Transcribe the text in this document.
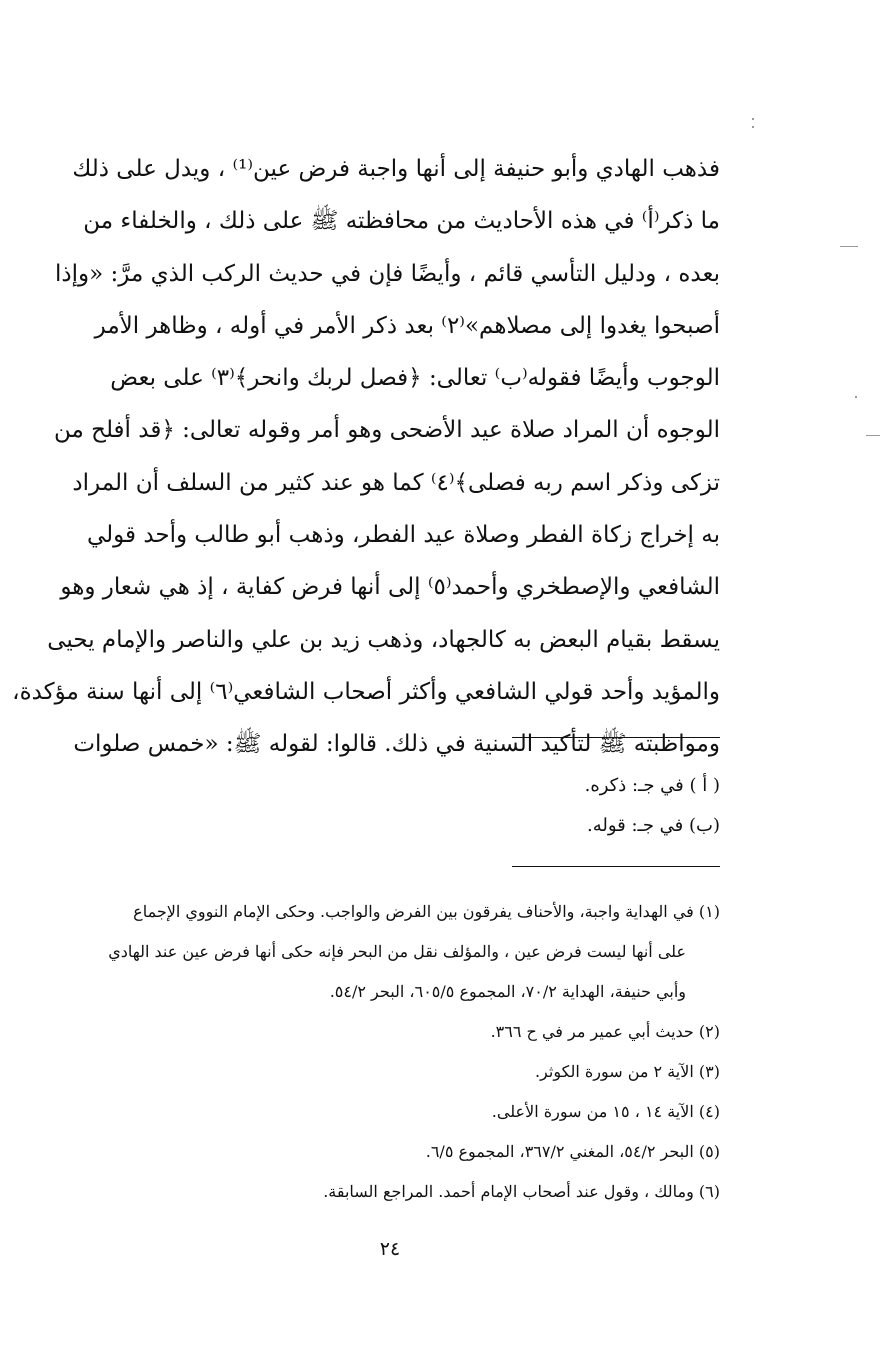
فذهب الهادي وأبو حنيفة إلى أنها واجبة فرض عين⁽¹⁾ ، ويدل على ذلك
ما ذكر⁽أ⁾ في هذه الأحاديث من محافظته ﷺ على ذلك ، والخلفاء من
بعده ، ودليل التأسي قائم ، وأيضًا فإن في حديث الركب الذي مرَّ: «وإذا
أصبحوا يغدوا إلى مصلاهم»⁽٢⁾ بعد ذكر الأمر في أوله ، وظاهر الأمر
الوجوب وأيضًا فقوله⁽ب⁾ تعالى: ﴿فصل لربك وانحر﴾⁽٣⁾ على بعض
الوجوه أن المراد صلاة عيد الأضحى وهو أمر وقوله تعالى: ﴿قد أفلح من
تزكى وذكر اسم ربه فصلى﴾⁽٤⁾ كما هو عند كثير من السلف أن المراد
به إخراج زكاة الفطر وصلاة عيد الفطر، وذهب أبو طالب وأحد قولي
الشافعي والإصطخري وأحمد⁽٥⁾ إلى أنها فرض كفاية ، إذ هي شعار وهو
يسقط بقيام البعض به كالجهاد، وذهب زيد بن علي والناصر والإمام يحيى
والمؤيد وأحد قولي الشافعي وأكثر أصحاب الشافعي⁽٦⁾ إلى أنها سنة مؤكدة،
ومواظبته ﷺ لتأكيد السنية في ذلك. قالوا: لقوله ﷺ: «خمس صلوات
( أ ) في جـ: ذكره.
(ب) في جـ: قوله.
(١) في الهداية واجبة، والأحناف يفرقون بين الفرض والواجب. وحكى الإمام النووي الإجماع
على أنها ليست فرض عين ، والمؤلف نقل من البحر فإنه حكى أنها فرض عين عند الهادي
وأبي حنيفة، الهداية ٧٠/٢، المجموع ٦٠٥/٥، البحر ٥٤/٢.
(٢) حديث أبي عمير مر في ح ٣٦٦.
(٣) الآية ٢ من سورة الكوثر.
(٤) الآية ١٤ ، ١٥ من سورة الأعلى.
(٥) البحر ٥٤/٢، المغني ٣٦٧/٢، المجموع ٦/٥.
(٦) ومالك ، وقول عند أصحاب الإمام أحمد. المراجع السابقة.
٢٤
